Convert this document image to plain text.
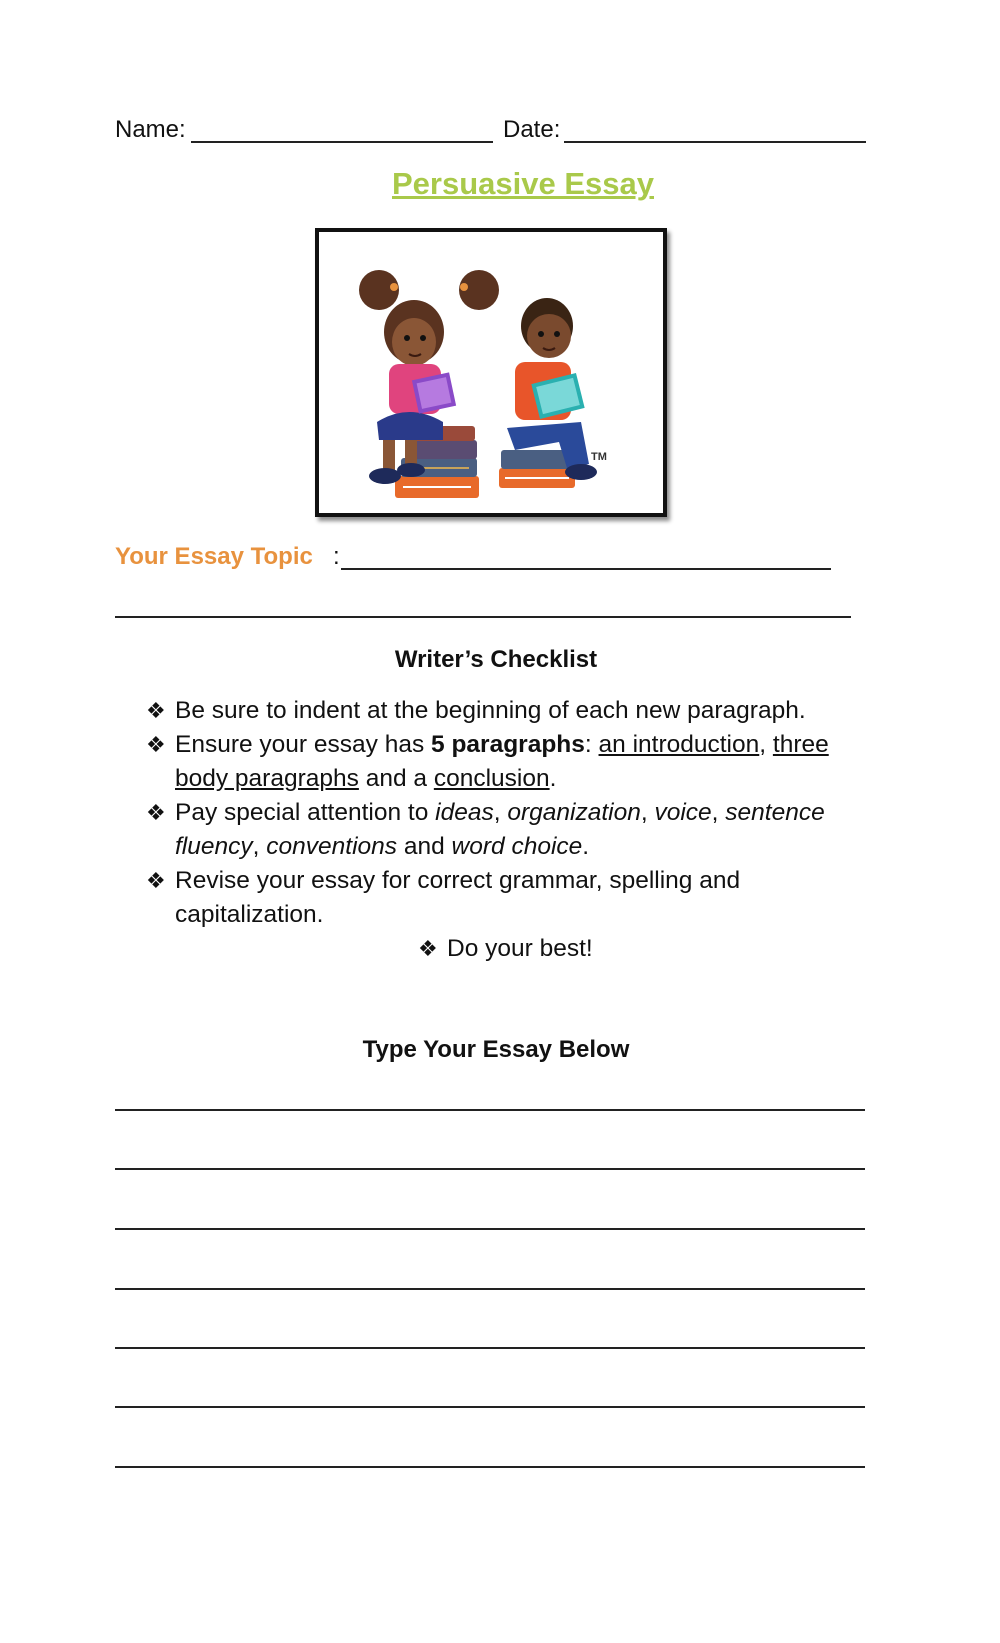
Name:	Date:
Persuasive Essay
TM
Your Essay Topic :
Writer’s Checklist
❖ Be sure to indent at the beginning of each new paragraph.
❖ Ensure your essay has 5 paragraphs: an introduction, three
body paragraphs and a conclusion.
❖ Pay special attention to ideas, organization, voice, sentence
fluency, conventions and word choice.
❖ Revise your essay for correct grammar, spelling and
capitalization.
❖ Do your best!
Type Your Essay Below
